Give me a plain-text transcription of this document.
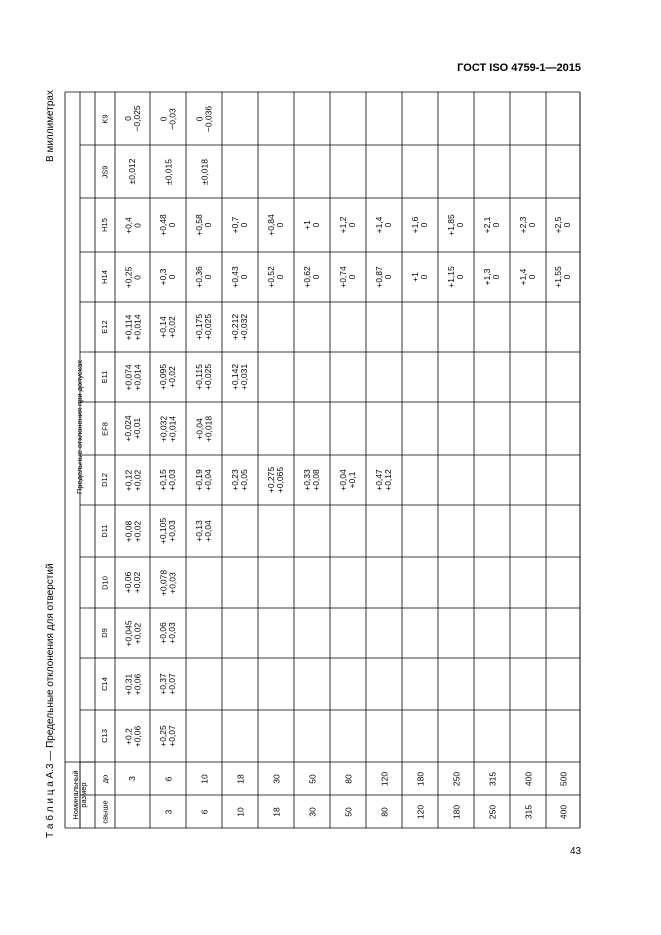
ГОСТ ISO 4759-1—2015
В миллиметрах
Т а б л и ц а А.3 — Предельные отклонения для отверстий	Номинальный
размер
свыше
до
Предельные отклонения при допусках
C13
C14
D9
D10
D11
D12
EF8
E11
E12
H14
H15
JS9
K9
3
+0,2
+0,06
+0,31
+0,06
+0,045
+0,02
+0,06
+0,02
+0,08
+0,02
+0,12
+0,02
+0,024
+0,01
+0,074
+0,014
+0,114
+0,014
+0,25
0
+0,4
0
±0,012
0
−0,025
3
6
+0,25
+0,07
+0,37
+0,07
+0,06
+0,03
+0,078
+0,03
+0,105
+0,03
+0,15
+0,03
+0,032
+0,014
+0,095
+0,02
+0,14
+0,02
+0,3
0
+0,48
0
±0,015
0
−0,03
6
10
+0,13
+0,04
+0,19
+0,04
+0,04
+0,018
+0,115
+0,025
+0,175
+0,025
+0,36
0
+0,58
0
±0,018
0
−0,036
10
18
+0,23
+0,05
+0,142
+0,031
+0,212
+0,032
+0,43
0
+0,7
0
18
30
+0,275
+0,065
+0,52
0
+0,84
0
30
50
+0,33
+0,08
+0,62
0
+1
0
50
80
+0,04
+0,1
+0,74
0
+1,2
0
80
120
+0,47
+0,12
+0,87
0
+1,4
0
120
180
+1
0
+1,6
0
180
250
+1,15
0
+1,85
0
250
315
+1,3
0
+2,1
0
315
400
+1,4
0
+2,3
0
400
500
+1,55
0
+2,5
0
43
